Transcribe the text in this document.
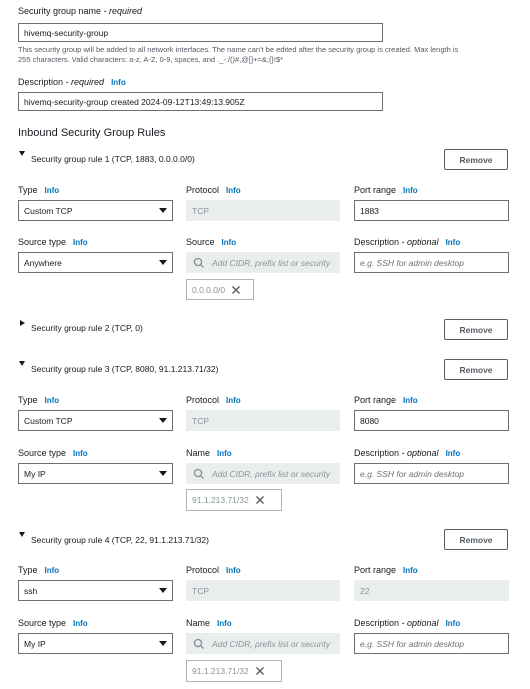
Security group name - required
hivemq-security-group
This security group will be added to all network interfaces. The name can't be edited after the security group is created. Max length is
255 characters. Valid characters: a-z, A-Z, 0-9, spaces, and ._-:/()#,@[]+=&;{}!$*
Description - required Info
hivemq-security-group created 2024-09-12T13:49:13.905Z
Inbound Security Group Rules
Security group rule 1 (TCP, 1883, 0.0.0.0/0)	Remove
Type Info	Protocol Info	Port range Info
Custom TCP	TCP	1883
Source type Info	Source Info	Description - optional Info
Anywhere	Add CIDR, prefix list or security	e.g. SSH for admin desktop
0.0.0.0/0
Security group rule 2 (TCP, 0)	Remove
Security group rule 3 (TCP, 8080, 91.1.213.71/32)	Remove
Type Info	Protocol Info	Port range Info
Custom TCP	TCP	8080
Source type Info	Name Info	Description - optional Info
My IP	Add CIDR, prefix list or security	e.g. SSH for admin desktop
91.1.213.71/32
Security group rule 4 (TCP, 22, 91.1.213.71/32)	Remove
Type Info	Protocol Info	Port range Info
ssh	TCP	22
Source type Info	Name Info	Description - optional Info
My IP	Add CIDR, prefix list or security	e.g. SSH for admin desktop
91.1.213.71/32
